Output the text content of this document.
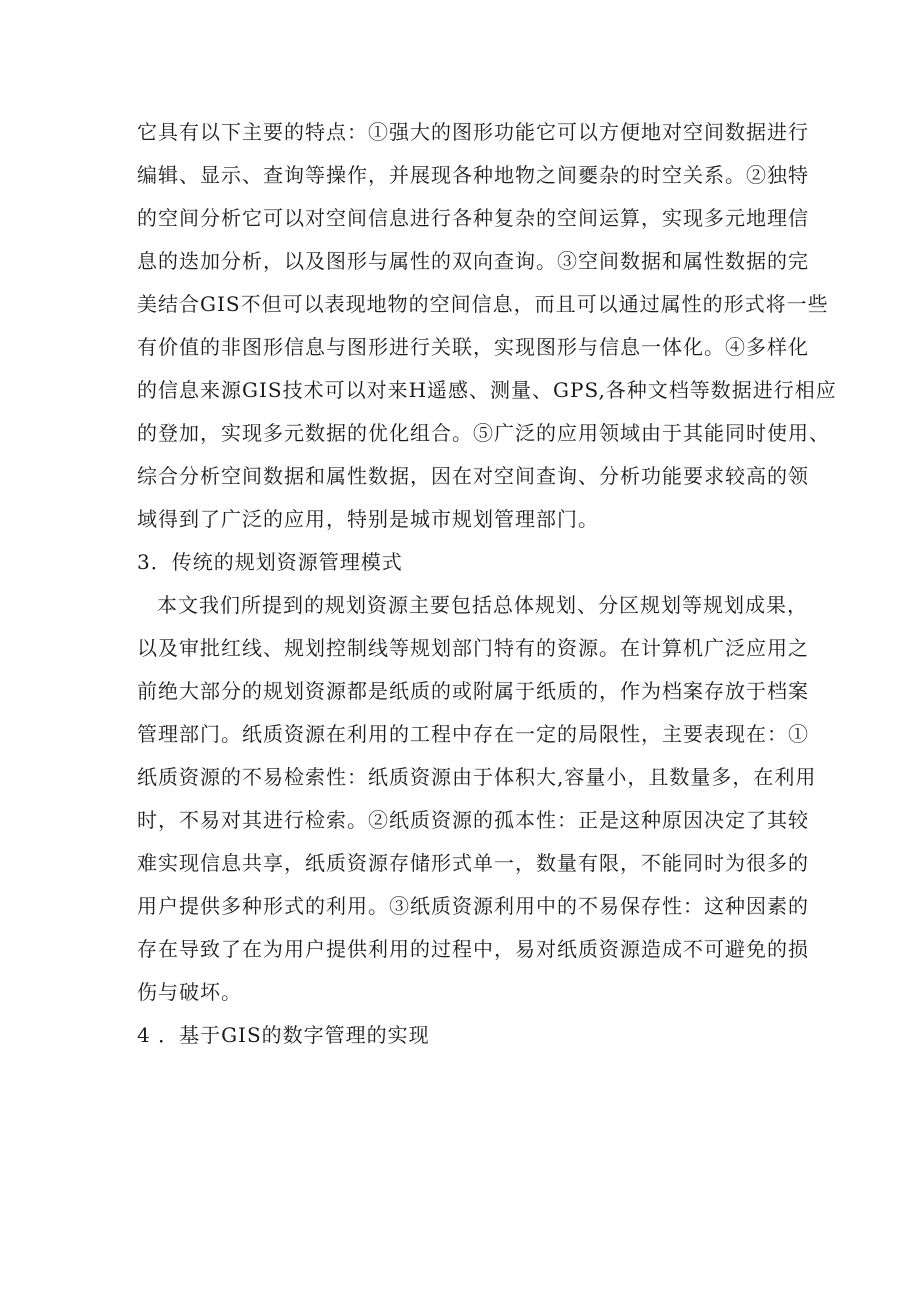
它具有以下主要的特点：①强大的图形功能它可以方便地对空间数据进行
编辑、显示、查询等操作，并展现各种地物之间夒杂的时空关系。②独特
的空间分析它可以对空间信息进行各种复杂的空间运算，实现多元地理信
息的迭加分析，以及图形与属性的双向查询。③空间数据和属性数据的完
美结合GIS不但可以表现地物的空间信息，而且可以通过属性的形式将一些
有价值的非图形信息与图形进行关联，实现图形与信息一体化。④多样化
的信息来源GIS技术可以对来H遥感、测量、GPS,各种文档等数据进行相应
的登加，实现多元数据的优化组合。⑤广泛的应用领域由于其能同时使用、
综合分析空间数据和属性数据，因在对空间查询、分析功能要求较高的领
域得到了广泛的应用，特别是城市规划管理部门。
3．传统的规划资源管理模式
本文我们所提到的规划资源主要包括总体规划、分区规划等规划成果，
以及审批红线、规划控制线等规划部门特有的资源。在计算机广泛应用之
前绝大部分的规划资源都是纸质的或附属于纸质的，作为档案存放于档案
管理部门。纸质资源在利用的工程中存在一定的局限性，主要表现在：①
纸质资源的不易检索性：纸质资源由于体积大,容量小，且数量多，在利用
时，不易对其进行检索。②纸质资源的孤本性：正是这种原因决定了其较
难实现信息共享，纸质资源存储形式单一，数量有限，不能同时为很多的
用户提供多种形式的利用。③纸质资源利用中的不易保存性：这种因素的
存在导致了在为用户提供利用的过程中，易对纸质资源造成不可避免的损
伤与破坏。
4 ．基于GIS的数字管理的实现
